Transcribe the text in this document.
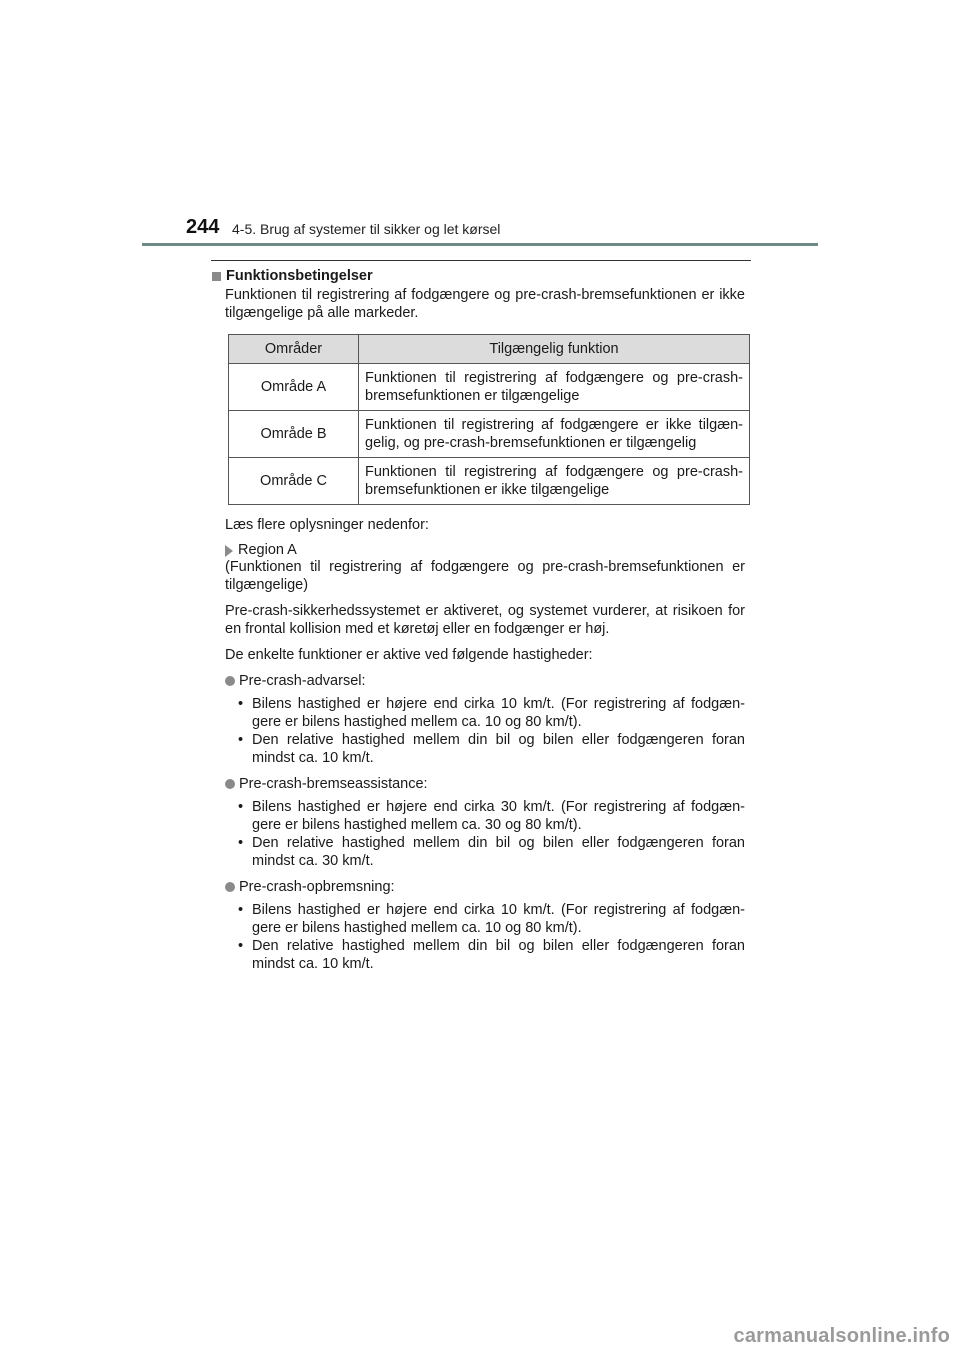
244 4-5. Brug af systemer til sikker og let kørsel
Funktionsbetingelser

Funktionen til registrering af fodgængere og pre-crash-bremsefunktionen er ikke tilgængelige på alle markeder.

Områder	Tilgængelig funktion
Område A	Funktionen til registrering af fodgængere og pre-crash-bremsefunktionen er tilgængelige
Område B	Funktionen til registrering af fodgængere er ikke tilgæn-gelig, og pre-crash-bremsefunktionen er tilgængelig
Område C	Funktionen til registrering af fodgængere og pre-crash-bremsefunktionen er ikke tilgængelige

Læs flere oplysninger nedenfor:

Region A

(Funktionen til registrering af fodgængere og pre-crash-bremsefunktionen er tilgængelige)

Pre-crash-sikkerhedssystemet er aktiveret, og systemet vurderer, at risikoen for en frontal kollision med et køretøj eller en fodgænger er høj.

De enkelte funktioner er aktive ved følgende hastigheder:

Pre-crash-advarsel:
• Bilens hastighed er højere end cirka 10 km/t. (For registrering af fodgæn-gere er bilens hastighed mellem ca. 10 og 80 km/t).
• Den relative hastighed mellem din bil og bilen eller fodgængeren foran mindst ca. 10 km/t.
Pre-crash-bremseassistance:
• Bilens hastighed er højere end cirka 30 km/t. (For registrering af fodgæn-gere er bilens hastighed mellem ca. 30 og 80 km/t).
• Den relative hastighed mellem din bil og bilen eller fodgængeren foran mindst ca. 30 km/t.
Pre-crash-opbremsning:
• Bilens hastighed er højere end cirka 10 km/t. (For registrering af fodgæn-gere er bilens hastighed mellem ca. 10 og 80 km/t).
• Den relative hastighed mellem din bil og bilen eller fodgængeren foran mindst ca. 10 km/t.
carmanualsonline.info
